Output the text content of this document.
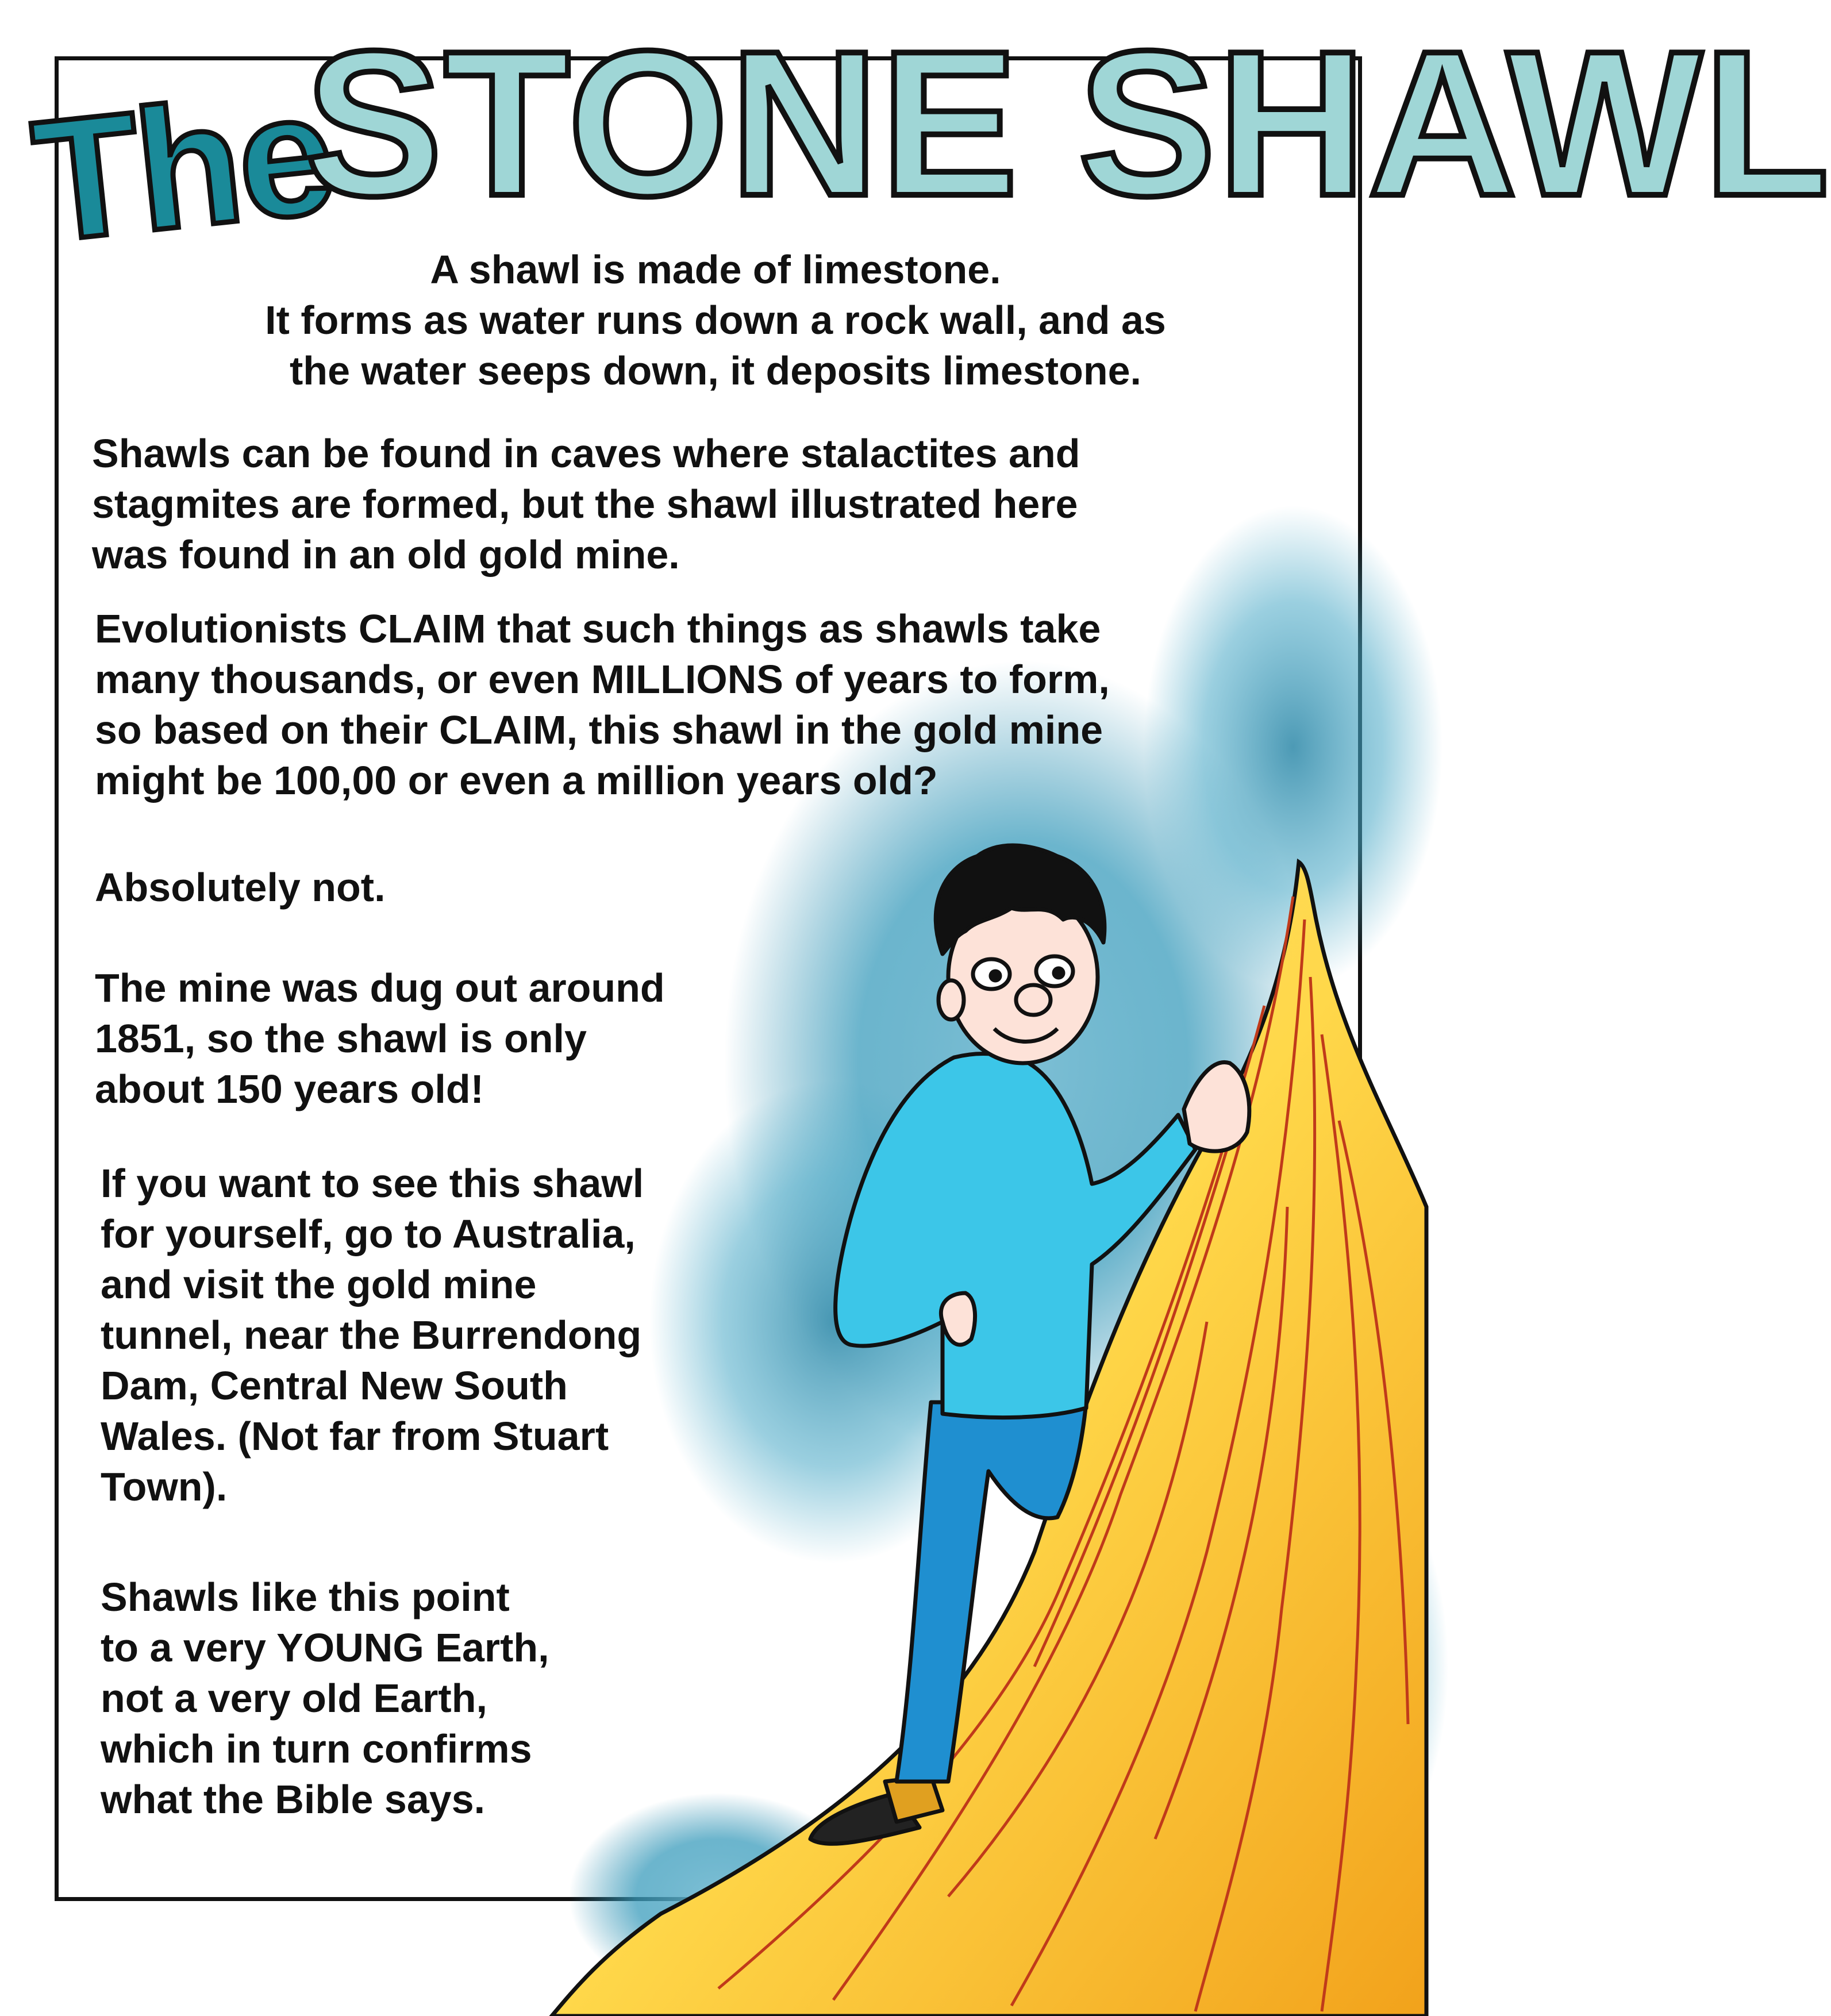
The
STONE SHAWL
A shawl is made of limestone.
It forms as water runs down a rock wall, and as
the water seeps down, it deposits limestone.
Shawls can be found in caves where stalactites and
stagmites are formed, but the shawl illustrated here
was found in an old gold mine.
Evolutionists CLAIM that such things as shawls take
many thousands, or even MILLIONS of years to form,
so based on their CLAIM, this shawl in the gold mine
might be 100,00 or even a million years old?
Absolutely not.
The mine was dug out around
1851, so the shawl is only
about 150 years old!
If you want to see this shawl
for yourself, go to Australia,
and visit the gold mine
tunnel, near the Burrendong
Dam, Central New South
Wales. (Not far from Stuart
Town).
Shawls like this point
to a very YOUNG Earth,
not a very old Earth,
which in turn confirms
what the Bible says.
